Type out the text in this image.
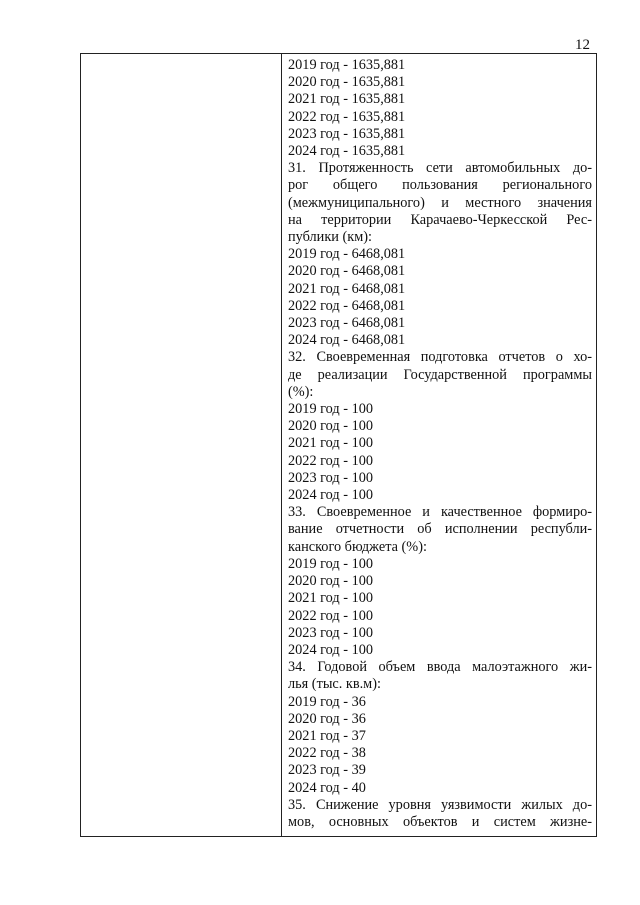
12
2019 год - 1635,881
2020 год - 1635,881
2021 год - 1635,881
2022 год - 1635,881
2023 год - 1635,881
2024 год - 1635,881
31. Протяженность сети автомобильных до-
рог общего пользования регионального
(межмуниципального) и местного значения
на территории Карачаево-Черкесской Рес-
публики (км):
2019 год - 6468,081
2020 год - 6468,081
2021 год - 6468,081
2022 год - 6468,081
2023 год - 6468,081
2024 год - 6468,081
32. Своевременная подготовка отчетов о хо-
де реализации Государственной программы
(%):
2019 год - 100
2020 год - 100
2021 год - 100
2022 год - 100
2023 год - 100
2024 год - 100
33. Своевременное и качественное формиро-
вание отчетности об исполнении республи-
канского бюджета (%):
2019 год - 100
2020 год - 100
2021 год - 100
2022 год - 100
2023 год - 100
2024 год - 100
34. Годовой объем ввода малоэтажного жи-
лья (тыс. кв.м):
2019 год - 36
2020 год - 36
2021 год - 37
2022 год - 38
2023 год - 39
2024 год - 40
35. Снижение уровня уязвимости жилых до-
мов, основных объектов и систем жизне-
